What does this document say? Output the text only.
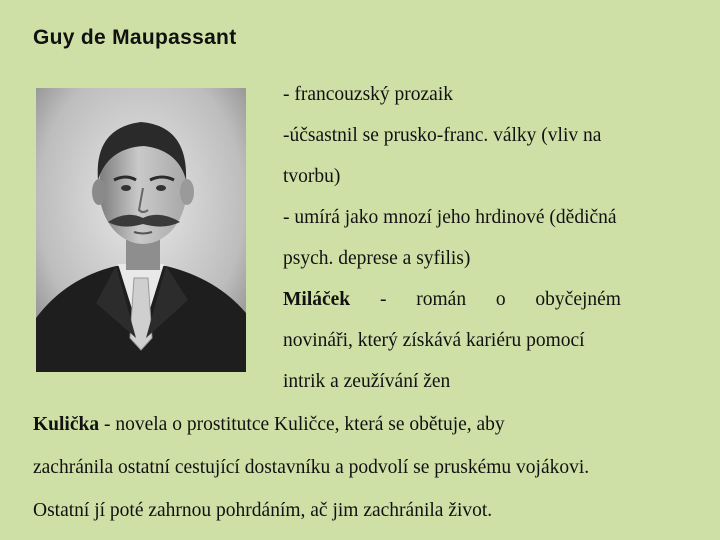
Guy de Maupassant
- francouzský prozaik
-účsastnil se prusko-franc. války (vliv na
tvorbu)
- umírá jako mnozí jeho hrdinové (dědičná
psych. deprese a syfilis)
Miláček - román o obyčejném
novináři, který získává kariéru pomocí
intrik a zeužívání žen
Kulička - novela o prostitutce Kuličce, která se obětuje, aby
zachránila ostatní cestující dostavníku a podvolí se pruskému vojákovi.
Ostatní jí poté zahrnou pohrdáním, ač jim zachránila život.
